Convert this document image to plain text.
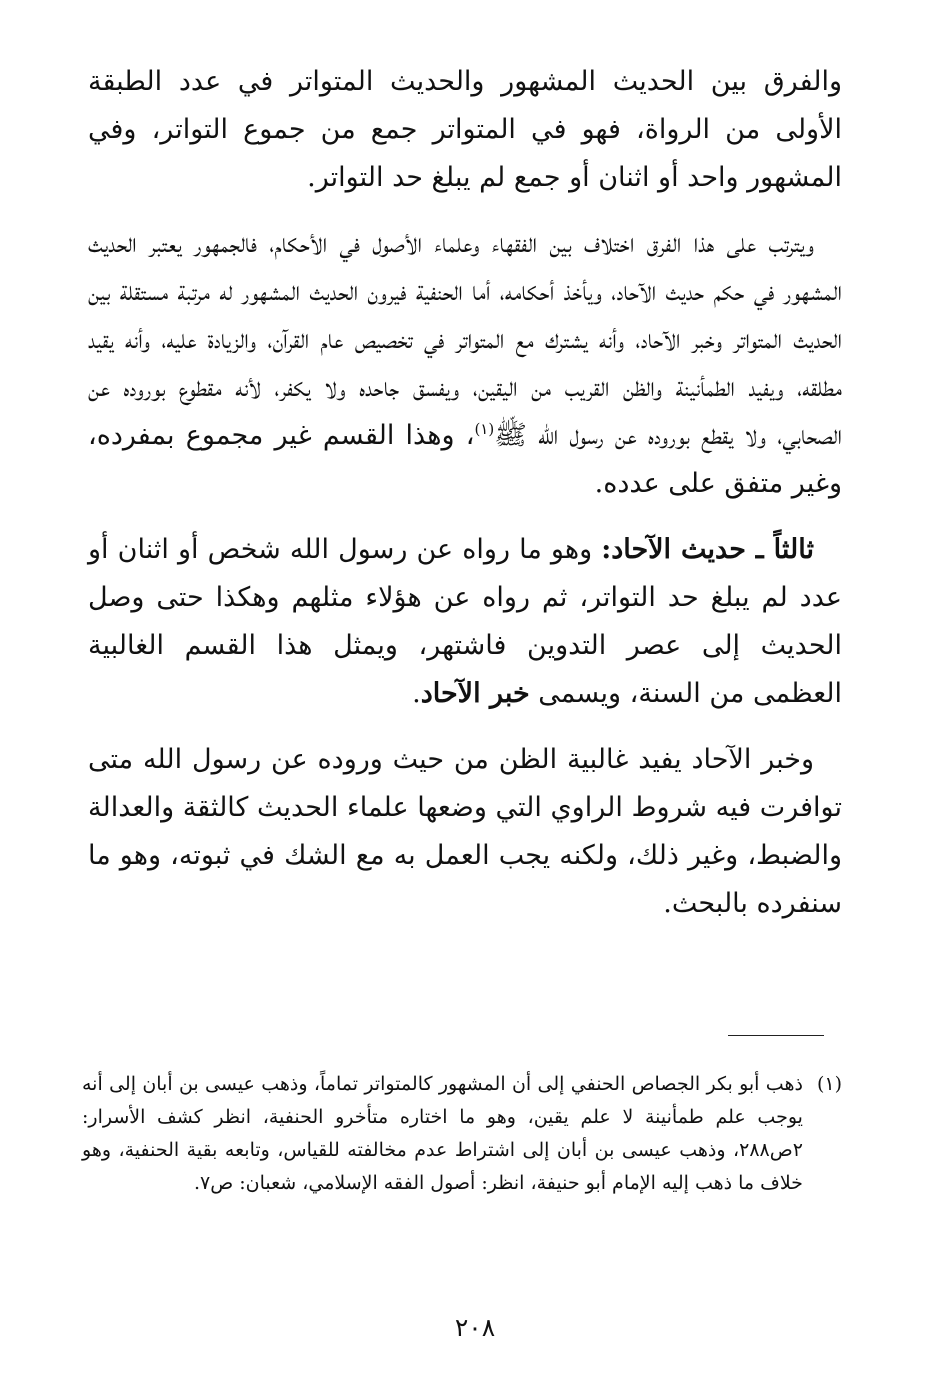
والفرق بين الحديث المشهور والحديث المتواتر في عدد الطبقة الأولى من الرواة، فهو في المتواتر جمع من جموع التواتر، وفي المشهور واحد أو اثنان أو جمع لم يبلغ حد التواتر.

ويترتب على هذا الفرق اختلاف بين الفقهاء وعلماء الأصول في الأحكام، فالجمهور يعتبر الحديث المشهور في حكم حديث الآحاد، ويأخذ أحكامه، أما الحنفية فيرون الحديث المشهور له مرتبة مستقلة بين الحديث المتواتر وخبر الآحاد، وأنه يشترك مع المتواتر في تخصيص عام القرآن، والزيادة عليه، وأنه يقيد مطلقه، ويفيد الطمأنينة والظن القريب من اليقين، ويفسق جاحده ولا يكفر، لأنه مقطوع بوروده عن الصحابي، ولا يقطع بوروده عن رسول الله ﷺ$^{(١)}$، وهذا القسم غير مجموع بمفرده، وغير متفق على عدده.

ثالثاً ـ حديث الآحاد: وهو ما رواه عن رسول الله شخص أو اثنان أو عدد لم يبلغ حد التواتر، ثم رواه عن هؤلاء مثلهم وهكذا حتى وصل الحديث إلى عصر التدوين فاشتهر، ويمثل هذا القسم الغالبية العظمى من السنة، ويسمى خبر الآحاد.

وخبر الآحاد يفيد غالبية الظن من حيث وروده عن رسول الله متى توافرت فيه شروط الراوي التي وضعها علماء الحديث كالثقة والعدالة والضبط، وغير ذلك، ولكنه يجب العمل به مع الشك في ثبوته، وهو ما سنفرده بالبحث.

(١)
ذهب أبو بكر الجصاص الحنفي إلى أن المشهور كالمتواتر تماماً، وذهب عيسى بن أبان إلى أنه يوجب علم طمأنينة لا علم يقين، وهو ما اختاره متأخرو الحنفية، انظر كشف الأسرار: ٢ص٢٨٨، وذهب عيسى بن أبان إلى اشتراط عدم مخالفته للقياس، وتابعه بقية الحنفية، وهو خلاف ما ذهب إليه الإمام أبو حنيفة، انظر: أصول الفقه الإسلامي، شعبان: ص٧.
٢٠٨
